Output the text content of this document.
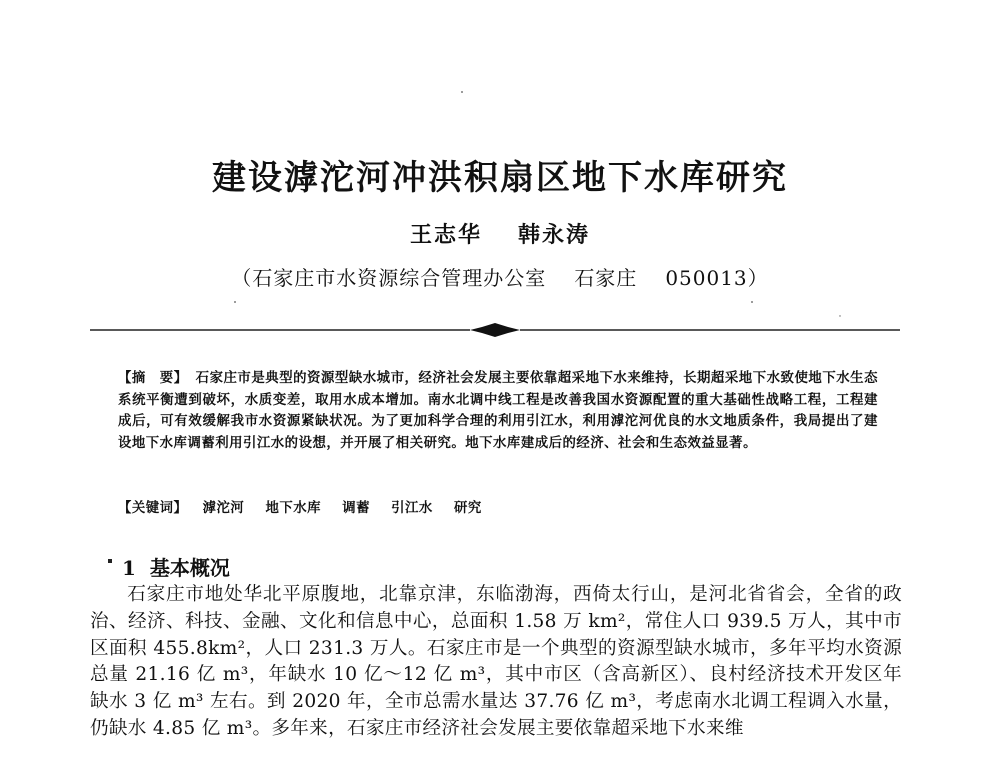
建设滹沱河冲洪积扇区地下水库研究
王志华 韩永涛
（石家庄市水资源综合管理办公室 石家庄 050013）
【摘　要】 石家庄市是典型的资源型缺水城市，经济社会发展主要依靠超采地下水来维持，长期超采地下水致使地下水生态系统平衡遭到破坏，水质变差，取用水成本增加。南水北调中线工程是改善我国水资源配置的重大基础性战略工程，工程建成后，可有效缓解我市水资源紧缺状况。为了更加科学合理的利用引江水，利用滹沱河优良的水文地质条件，我局提出了建设地下水库调蓄利用引江水的设想，并开展了相关研究。地下水库建成后的经济、社会和生态效益显著。
【关键词】 滹沱河 地下水库 调蓄 引江水 研究
1 基本概况

石家庄市地处华北平原腹地，北靠京津，东临渤海，西倚太行山，是河北省省会，全省的政治、经济、科技、金融、文化和信息中心，总面积 1.58 万 km²，常住人口 939.5 万人，其中市区面积 455.8km²，人口 231.3 万人。石家庄市是一个典型的资源型缺水城市，多年平均水资源总量 21.16 亿 m³，年缺水 10 亿～12 亿 m³，其中市区（含高新区）、良村经济技术开发区年缺水 3 亿 m³ 左右。到 2020 年，全市总需水量达 37.76 亿 m³，考虑南水北调工程调入水量，仍缺水 4.85 亿 m³。多年来，石家庄市经济社会发展主要依靠超采地下水来维
